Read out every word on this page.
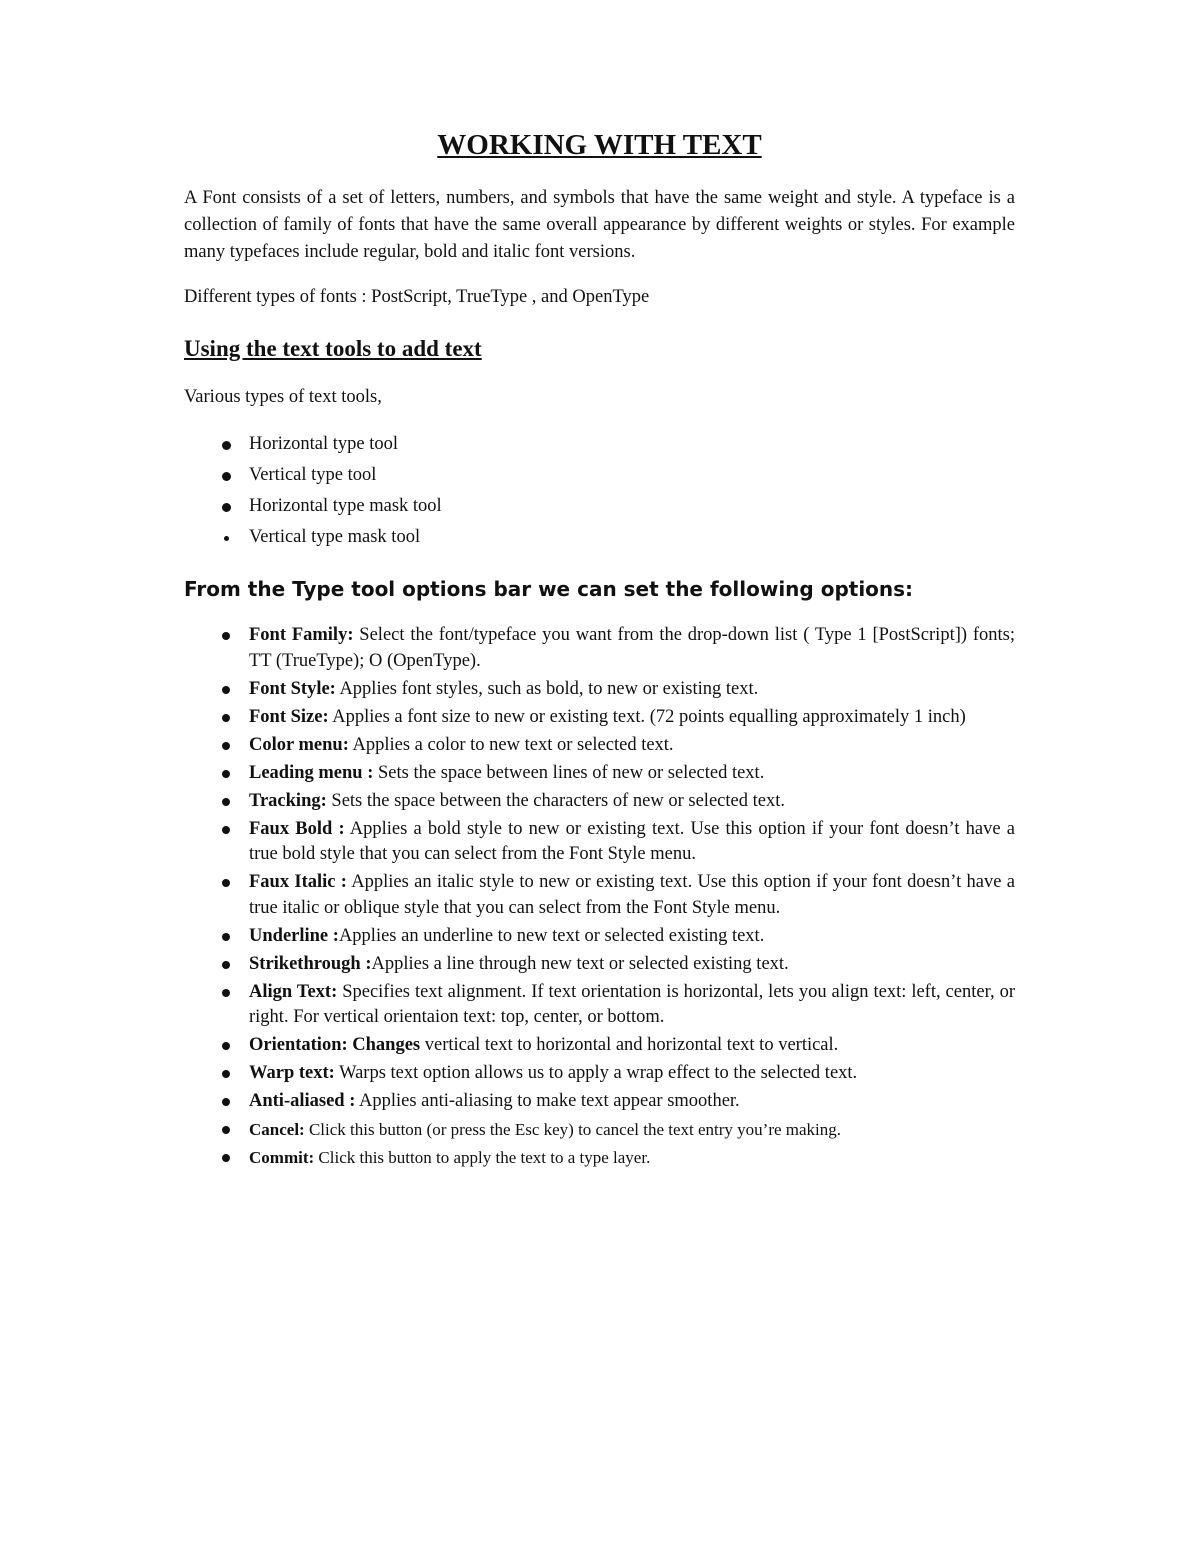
WORKING WITH TEXT

A Font consists of a set of letters, numbers, and symbols that have the same weight and style. A typeface is a collection of family of fonts that have the same overall appearance by different weights or styles. For example many typefaces include regular, bold and italic font versions.

Different types of fonts : PostScript, TrueType , and OpenType

Using the text tools to add text

Various types of text tools,

Horizontal type tool
Vertical type tool
Horizontal type mask tool
Vertical type mask tool
From the Type tool options bar we can set the following options:
Font Family: Select the font/typeface you want from the drop-down list ( Type 1 [PostScript]) fonts; TT (TrueType); O (OpenType).
Font Style: Applies font styles, such as bold, to new or existing text.
Font Size: Applies a font size to new or existing text. (72 points equalling approximately 1 inch)
Color menu: Applies a color to new text or selected text.
Leading menu : Sets the space between lines of new or selected text.
Tracking: Sets the space between the characters of new or selected text.
Faux Bold : Applies a bold style to new or existing text. Use this option if your font doesn’t have a true bold style that you can select from the Font Style menu.
Faux Italic : Applies an italic style to new or existing text. Use this option if your font doesn’t have a true italic or oblique style that you can select from the Font Style menu.
Underline :Applies an underline to new text or selected existing text.
Strikethrough :Applies a line through new text or selected existing text.
Align Text: Specifies text alignment. If text orientation is horizontal, lets you align text: left, center, or right. For vertical orientaion text: top, center, or bottom.
Orientation: Changes vertical text to horizontal and horizontal text to vertical.
Warp text: Warps text option allows us to apply a wrap effect to the selected text.
Anti-aliased : Applies anti-aliasing to make text appear smoother.
Cancel: Click this button (or press the Esc key) to cancel the text entry you’re making.
Commit: Click this button to apply the text to a type layer.
